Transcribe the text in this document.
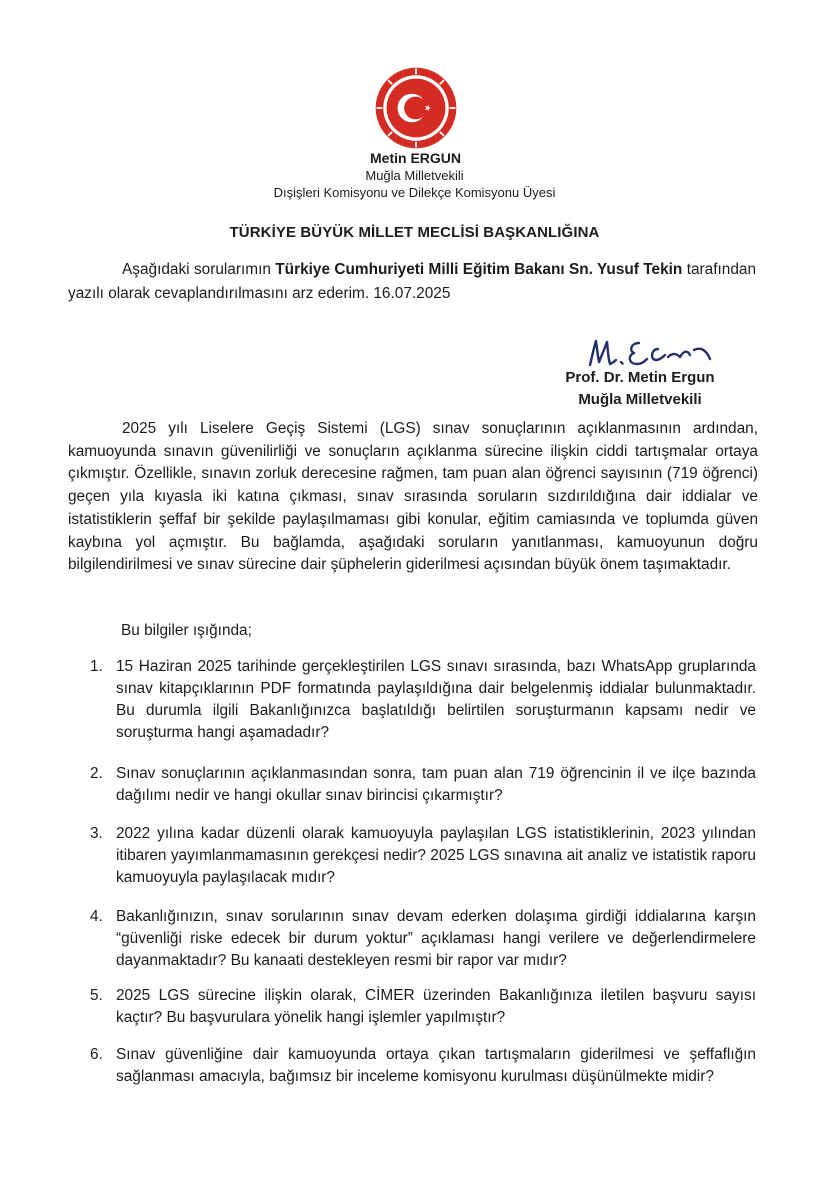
Metin ERGUN
Muğla Milletvekili
Dışişleri Komisyonu ve Dilekçe Komisyonu Üyesi
TÜRKİYE BÜYÜK MİLLET MECLİSİ BAŞKANLIĞINA
Aşağıdaki sorularımın Türkiye Cumhuriyeti Milli Eğitim Bakanı Sn. Yusuf Tekin tarafından yazılı olarak cevaplandırılmasını arz ederim. 16.07.2025
Prof. Dr. Metin Ergun
Muğla Milletvekili
2025 yılı Liselere Geçiş Sistemi (LGS) sınav sonuçlarının açıklanmasının ardından, kamuoyunda sınavın güvenilirliği ve sonuçların açıklanma sürecine ilişkin ciddi tartışmalar ortaya çıkmıştır. Özellikle, sınavın zorluk derecesine rağmen, tam puan alan öğrenci sayısının (719 öğrenci) geçen yıla kıyasla iki katına çıkması, sınav sırasında soruların sızdırıldığına dair iddialar ve istatistiklerin şeffaf bir şekilde paylaşılmaması gibi konular, eğitim camiasında ve toplumda güven kaybına yol açmıştır. Bu bağlamda, aşağıdaki soruların yanıtlanması, kamuoyunun doğru bilgilendirilmesi ve sınav sürecine dair şüphelerin giderilmesi açısından büyük önem taşımaktadır.
Bu bilgiler ışığında;
1. 15 Haziran 2025 tarihinde gerçekleştirilen LGS sınavı sırasında, bazı WhatsApp gruplarında sınav kitapçıklarının PDF formatında paylaşıldığına dair belgelenmiş iddialar bulunmaktadır. Bu durumla ilgili Bakanlığınızca başlatıldığı belirtilen soruşturmanın kapsamı nedir ve soruşturma hangi aşamadadır?
2. Sınav sonuçlarının açıklanmasından sonra, tam puan alan 719 öğrencinin il ve ilçe bazında dağılımı nedir ve hangi okullar sınav birincisi çıkarmıştır?
3. 2022 yılına kadar düzenli olarak kamuoyuyla paylaşılan LGS istatistiklerinin, 2023 yılından itibaren yayımlanmamasının gerekçesi nedir? 2025 LGS sınavına ait analiz ve istatistik raporu kamuoyuyla paylaşılacak mıdır?
4. Bakanlığınızın, sınav sorularının sınav devam ederken dolaşıma girdiği iddialarına karşın “güvenliği riske edecek bir durum yoktur” açıklaması hangi verilere ve değerlendirmelere dayanmaktadır? Bu kanaati destekleyen resmi bir rapor var mıdır?
5. 2025 LGS sürecine ilişkin olarak, CİMER üzerinden Bakanlığınıza iletilen başvuru sayısı kaçtır? Bu başvurulara yönelik hangi işlemler yapılmıştır?
6. Sınav güvenliğine dair kamuoyunda ortaya çıkan tartışmaların giderilmesi ve şeffaflığın sağlanması amacıyla, bağımsız bir inceleme komisyonu kurulması düşünülmekte midir?
